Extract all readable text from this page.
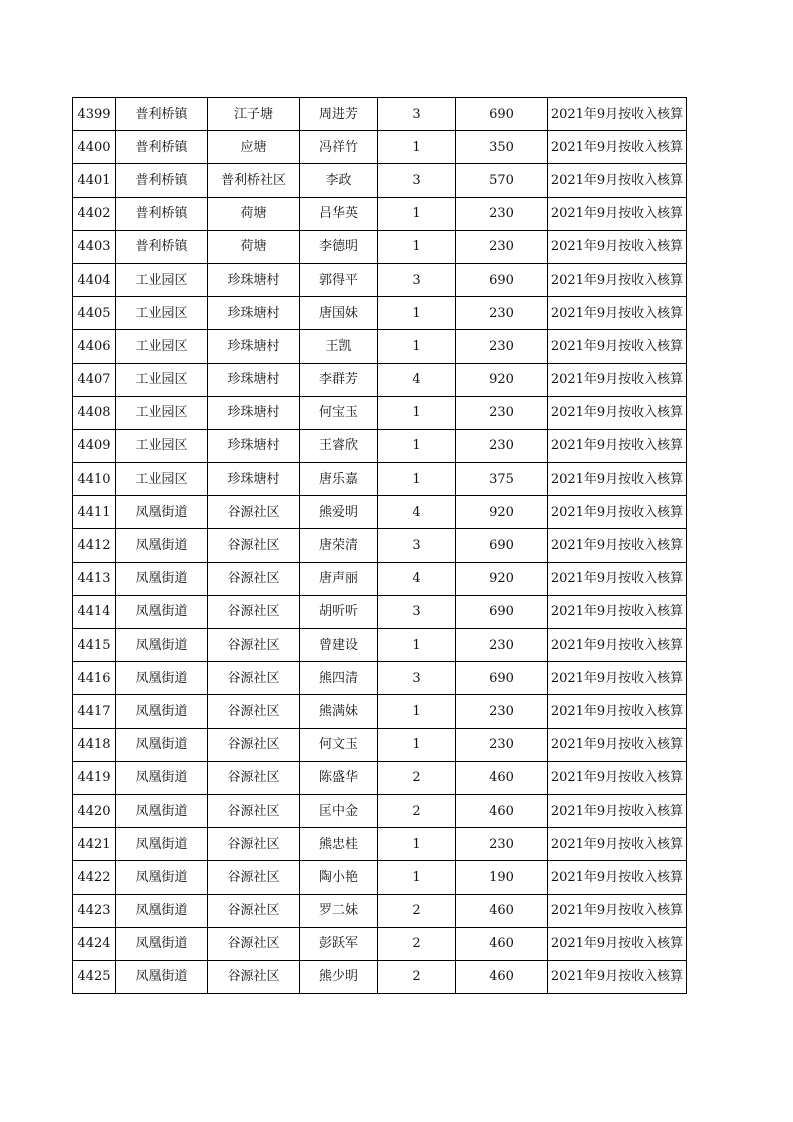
4399	普利桥镇	江子塘	周进芳	3	690	2021年9月按收入核算
4400	普利桥镇	应塘	冯祥竹	1	350	2021年9月按收入核算
4401	普利桥镇	普利桥社区	李政	3	570	2021年9月按收入核算
4402	普利桥镇	荷塘	吕华英	1	230	2021年9月按收入核算
4403	普利桥镇	荷塘	李德明	1	230	2021年9月按收入核算
4404	工业园区	珍珠塘村	郭得平	3	690	2021年9月按收入核算
4405	工业园区	珍珠塘村	唐国妹	1	230	2021年9月按收入核算
4406	工业园区	珍珠塘村	王凯	1	230	2021年9月按收入核算
4407	工业园区	珍珠塘村	李群芳	4	920	2021年9月按收入核算
4408	工业园区	珍珠塘村	何宝玉	1	230	2021年9月按收入核算
4409	工业园区	珍珠塘村	王睿欣	1	230	2021年9月按收入核算
4410	工业园区	珍珠塘村	唐乐嘉	1	375	2021年9月按收入核算
4411	凤凰街道	谷源社区	熊爱明	4	920	2021年9月按收入核算
4412	凤凰街道	谷源社区	唐荣清	3	690	2021年9月按收入核算
4413	凤凰街道	谷源社区	唐声丽	4	920	2021年9月按收入核算
4414	凤凰街道	谷源社区	胡听听	3	690	2021年9月按收入核算
4415	凤凰街道	谷源社区	曾建设	1	230	2021年9月按收入核算
4416	凤凰街道	谷源社区	熊四清	3	690	2021年9月按收入核算
4417	凤凰街道	谷源社区	熊满妹	1	230	2021年9月按收入核算
4418	凤凰街道	谷源社区	何文玉	1	230	2021年9月按收入核算
4419	凤凰街道	谷源社区	陈盛华	2	460	2021年9月按收入核算
4420	凤凰街道	谷源社区	匡中金	2	460	2021年9月按收入核算
4421	凤凰街道	谷源社区	熊忠桂	1	230	2021年9月按收入核算
4422	凤凰街道	谷源社区	陶小艳	1	190	2021年9月按收入核算
4423	凤凰街道	谷源社区	罗二妹	2	460	2021年9月按收入核算
4424	凤凰街道	谷源社区	彭跃军	2	460	2021年9月按收入核算
4425	凤凰街道	谷源社区	熊少明	2	460	2021年9月按收入核算
